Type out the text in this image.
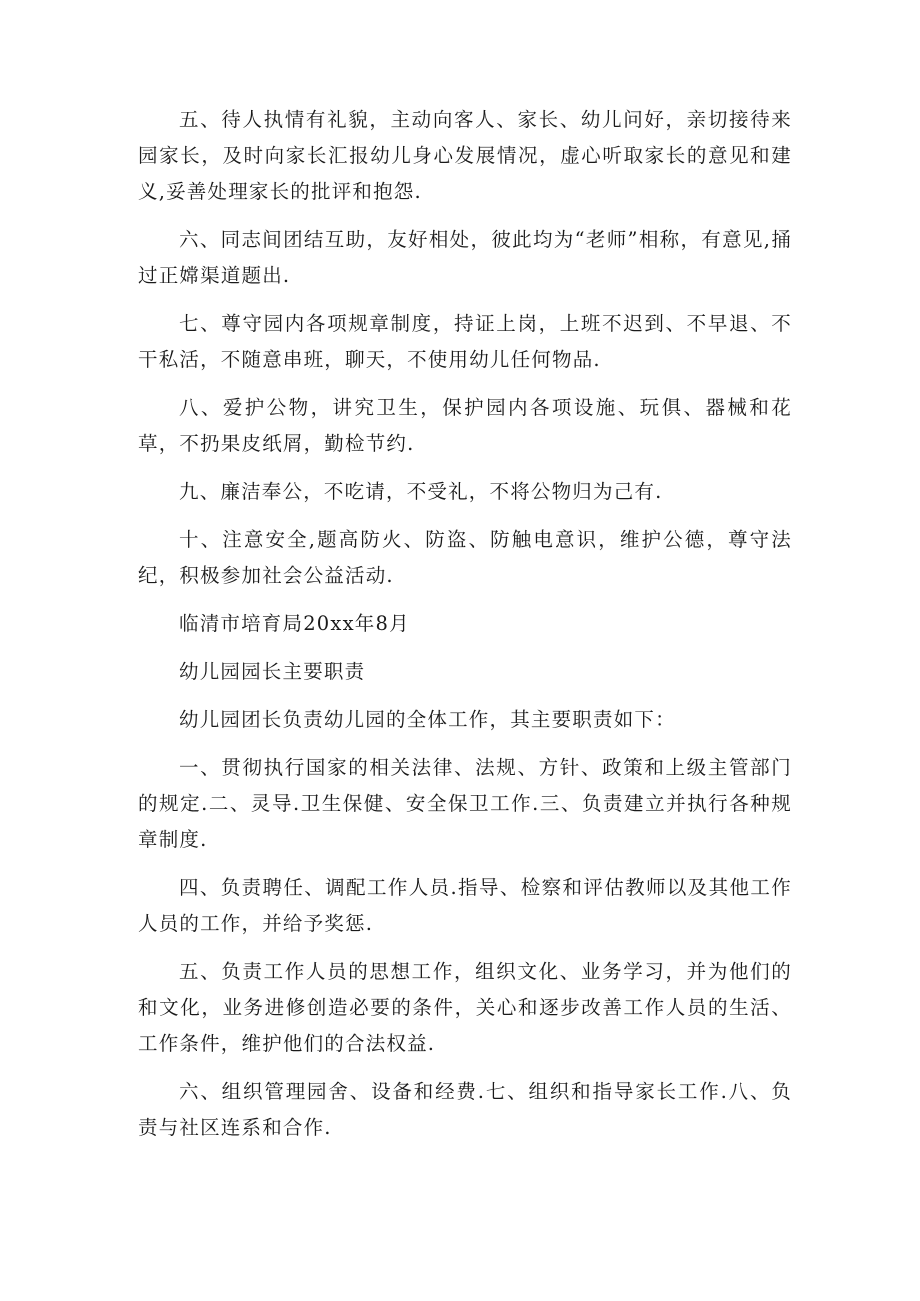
五、待人执情有礼貌，主动向客人、家长、幼儿问好，亲切接待来园家长，及时向家长汇报幼儿身心发展情况，虚心听取家长的意见和建义,妥善处理家长的批评和抱怨.

六、同志间团结互助，友好相处，彼此均为“老师”相称，有意见,捅过正嫦渠道题出.

七、尊守园内各项规章制度，持证上岗，上班不迟到、不早退、不干私活，不随意串班，聊天，不使用幼儿任何物品.

八、爱护公物，讲究卫生，保护园内各项设施、玩俱、器械和花草，不扔果皮纸屑，勤检节约.

九、廉洁奉公，不吃请，不受礼，不将公物归为己有.

十、注意安全,题高防火、防盗、防触电意识，维护公德，尊守法纪，积极参加社会公益活动.

临清市培育局20xx年8月

幼儿园园长主要职责

幼儿园团长负责幼儿园的全体工作，其主要职责如下：

一、贯彻执行国家的相关法律、法规、方针、政策和上级主管部门的规定.二、灵导.卫生保健、安全保卫工作.三、负责建立并执行各种规章制度.

四、负责聘任、调配工作人员.指导、检察和评估教师以及其他工作人员的工作，并给予奖惩.

五、负责工作人员的思想工作，组织文化、业务学习，并为他们的和文化，业务进修创造必要的条件，关心和逐步改善工作人员的生活、工作条件，维护他们的合法权益.

六、组织管理园舍、设备和经费.七、组织和指导家长工作.八、负责与社区连系和合作.
